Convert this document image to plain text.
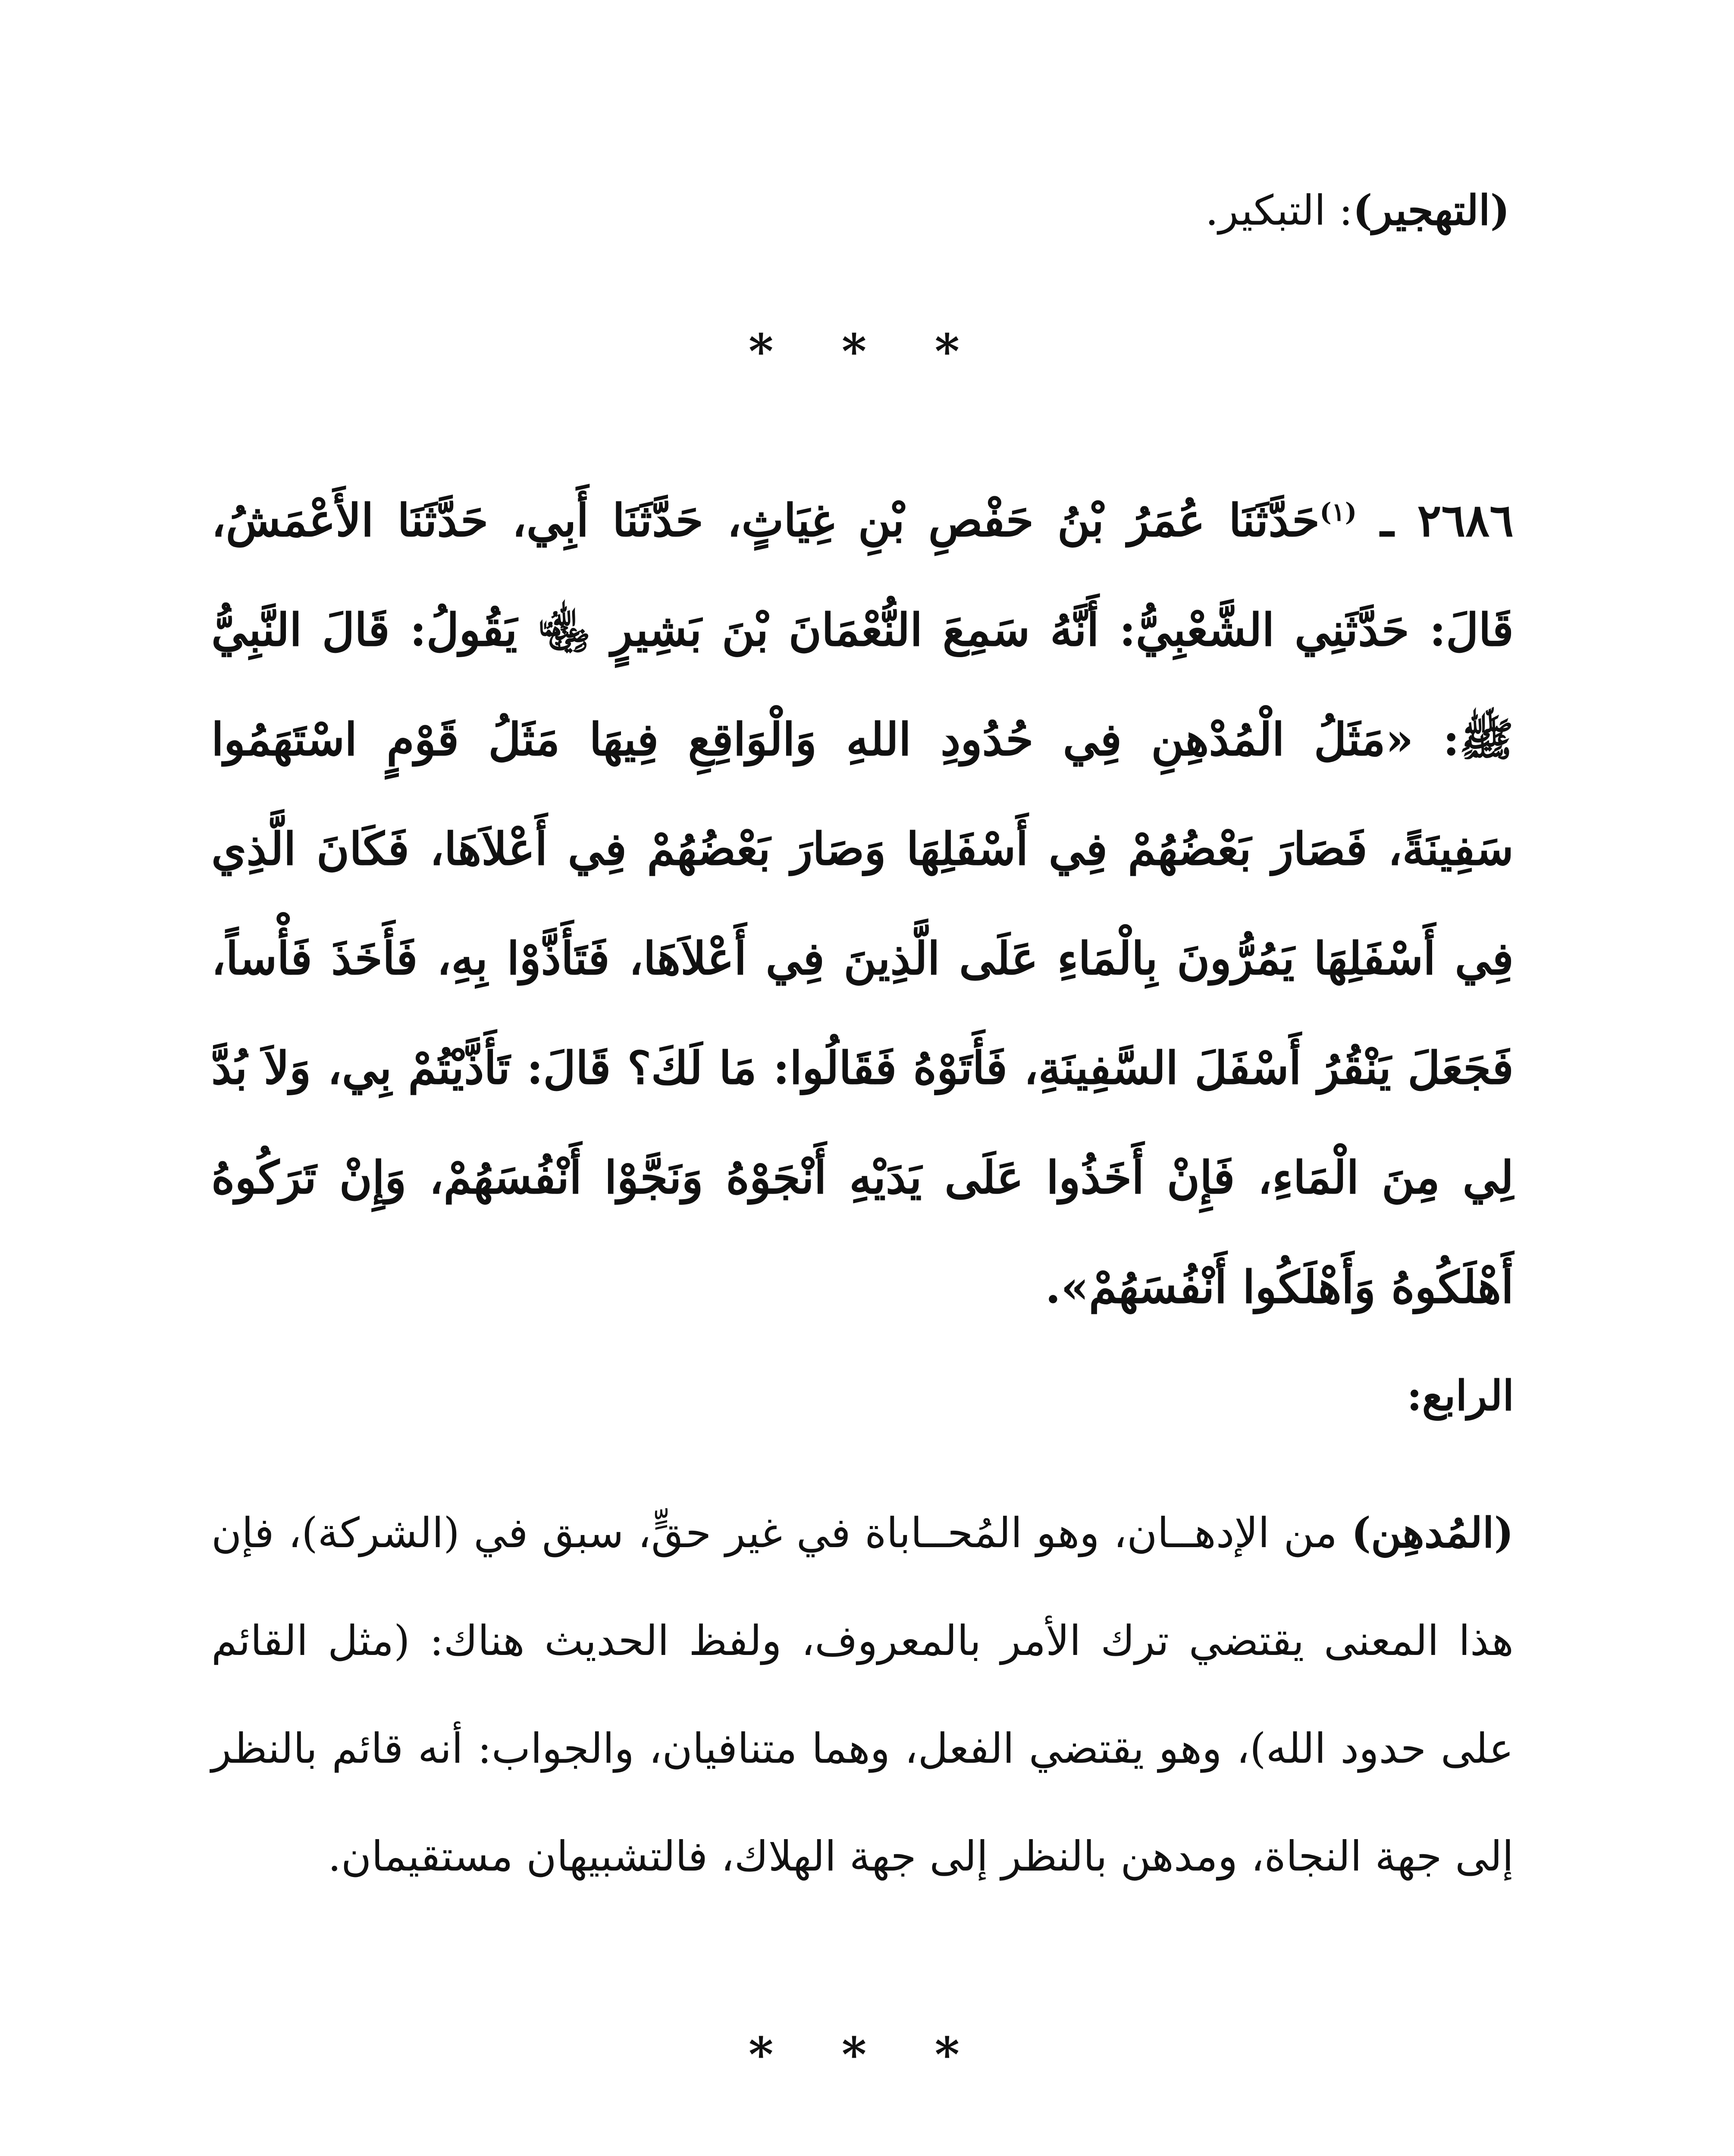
(التهجير): التبكير.
* * *
٢٦٨٦ ـ $^{(١)}$حَدَّثَنَا عُمَرُ بْنُ حَفْصِ بْنِ غِيَاثٍ، حَدَّثَنَا أَبِي، حَدَّثَنَا الأَعْمَشُ، قَالَ: حَدَّثَنِي الشَّعْبِيُّ: أَنَّهُ سَمِعَ النُّعْمَانَ بْنَ بَشِيرٍ ﵄ يَقُولُ: قَالَ النَّبِيُّ ﷺ: «مَثَلُ الْمُدْهِنِ فِي حُدُودِ اللهِ وَالْوَاقِعِ فِيهَا مَثَلُ قَوْمٍ اسْتَهَمُوا سَفِينَةً، فَصَارَ بَعْضُهُمْ فِي أَسْفَلِهَا وَصَارَ بَعْضُهُمْ فِي أَعْلاَهَا، فَكَانَ الَّذِي فِي أَسْفَلِهَا يَمُرُّونَ بِالْمَاءِ عَلَى الَّذِينَ فِي أَعْلاَهَا، فَتَأَذَّوْا بِهِ، فَأَخَذَ فَأْساً، فَجَعَلَ يَنْقُرُ أَسْفَلَ السَّفِينَةِ، فَأَتَوْهُ فَقَالُوا: مَا لَكَ؟ قَالَ: تَأَذَّيْتُمْ بِي، وَلاَ بُدَّ لِي مِنَ الْمَاءِ، فَإِنْ أَخَذُوا عَلَى يَدَيْهِ أَنْجَوْهُ وَنَجَّوْا أَنْفُسَهُمْ، وَإِنْ تَرَكُوهُ أَهْلَكُوهُ وَأَهْلَكُوا أَنْفُسَهُمْ».
الرابع:
(المُدهِن) من الإدهــان، وهو المُحــاباة في غير حقٍّ، سبق في (الشركة)، فإن هذا المعنى يقتضي ترك الأمر بالمعروف، ولفظ الحديث هناك: (مثل القائم على حدود الله)، وهو يقتضي الفعل، وهما متنافيان، والجواب: أنه قائم بالنظر إلى جهة النجاة، ومدهن بالنظر إلى جهة الهلاك، فالتشبيهان مستقيمان.
* * *
